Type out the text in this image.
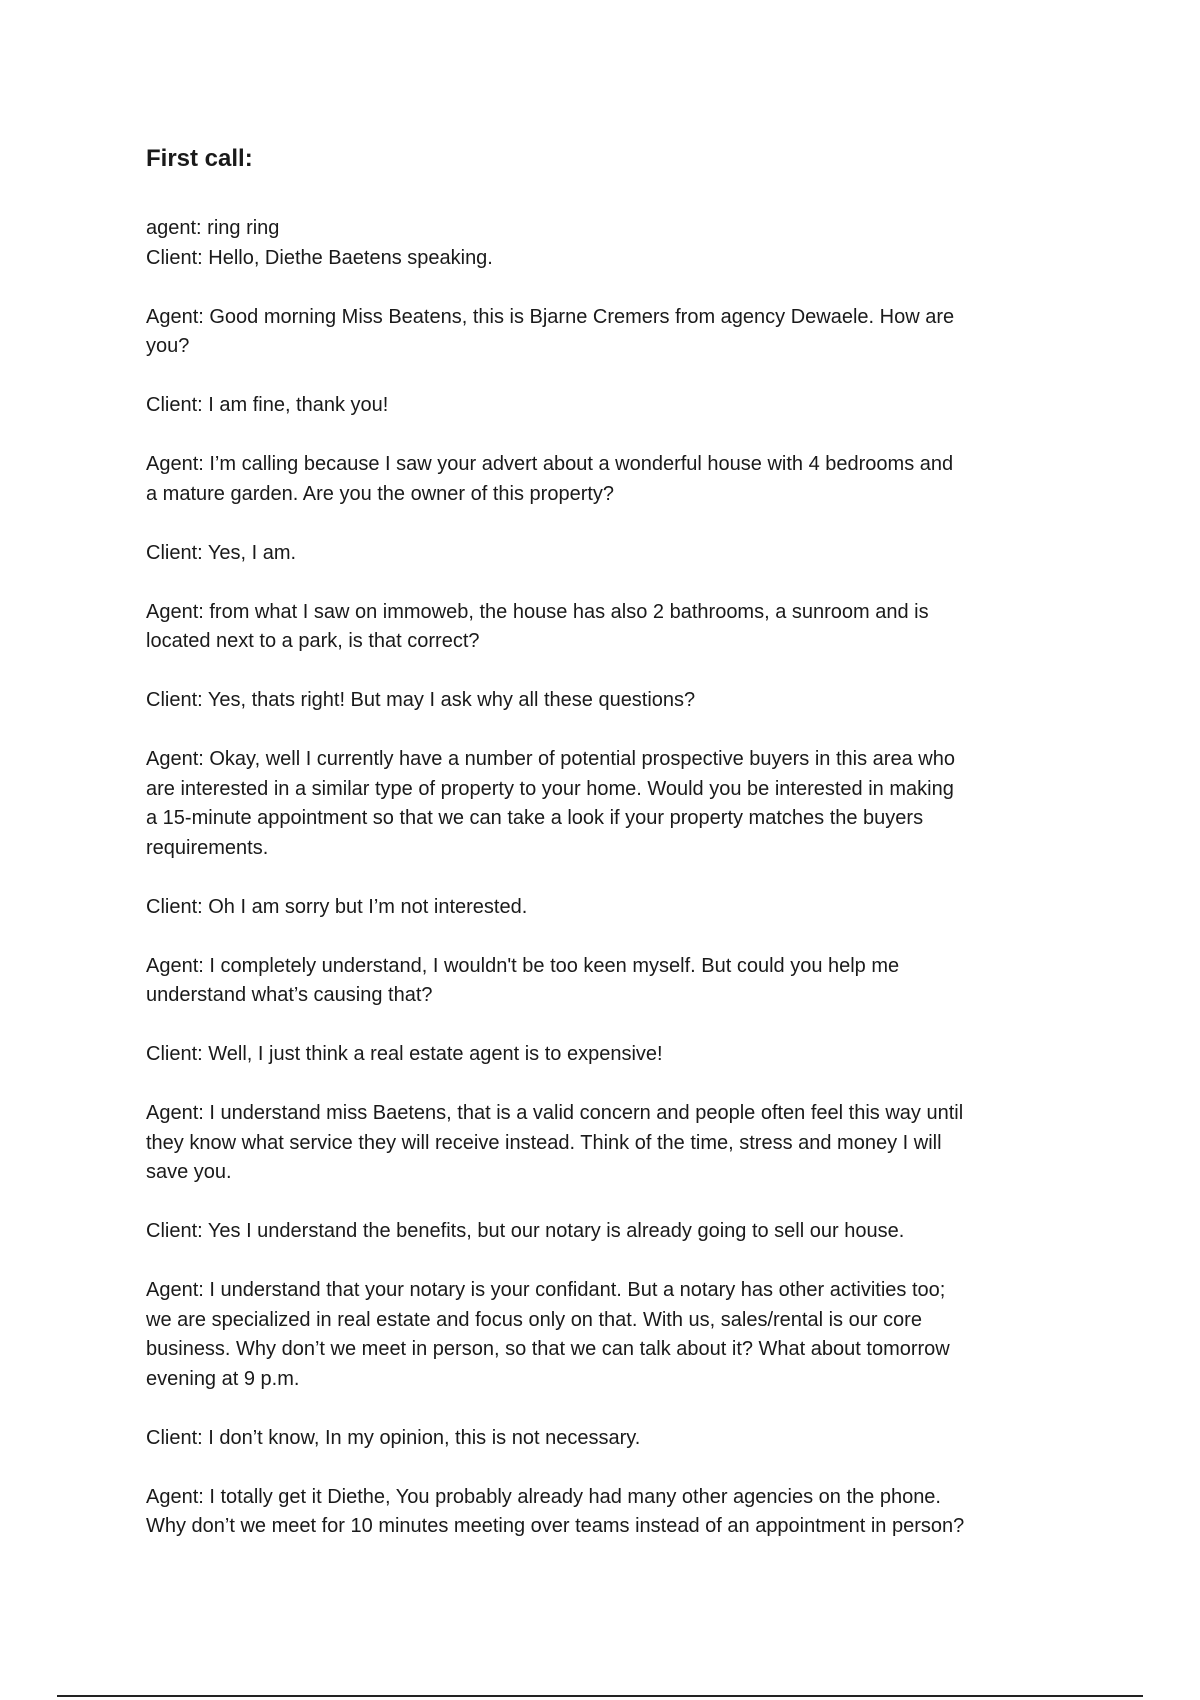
First call:

agent: ring ring
Client: Hello, Diethe Baetens speaking.

Agent: Good morning Miss Beatens, this is Bjarne Cremers from agency Dewaele. How are
you?

Client: I am fine, thank you!

Agent: I’m calling because I saw your advert about a wonderful house with 4 bedrooms and
a mature garden. Are you the owner of this property?

Client: Yes, I am.

Agent: from what I saw on immoweb, the house has also 2 bathrooms, a sunroom and is
located next to a park, is that correct?

Client: Yes, thats right! But may I ask why all these questions?

Agent: Okay, well I currently have a number of potential prospective buyers in this area who
are interested in a similar type of property to your home. Would you be interested in making
a 15-minute appointment so that we can take a look if your property matches the buyers
requirements.

Client: Oh I am sorry but I’m not interested.

Agent: I completely understand, I wouldn't be too keen myself. But could you help me
understand what’s causing that?

Client: Well, I just think a real estate agent is to expensive!

Agent: I understand miss Baetens, that is a valid concern and people often feel this way until
they know what service they will receive instead. Think of the time, stress and money I will
save you.

Client: Yes I understand the benefits, but our notary is already going to sell our house.

Agent: I understand that your notary is your confidant. But a notary has other activities too;
we are specialized in real estate and focus only on that. With us, sales/rental is our core
business. Why don’t we meet in person, so that we can talk about it? What about tomorrow
evening at 9 p.m.

Client: I don’t know, In my opinion, this is not necessary.

Agent: I totally get it Diethe, You probably already had many other agencies on the phone.
Why don’t we meet for 10 minutes meeting over teams instead of an appointment in person?
